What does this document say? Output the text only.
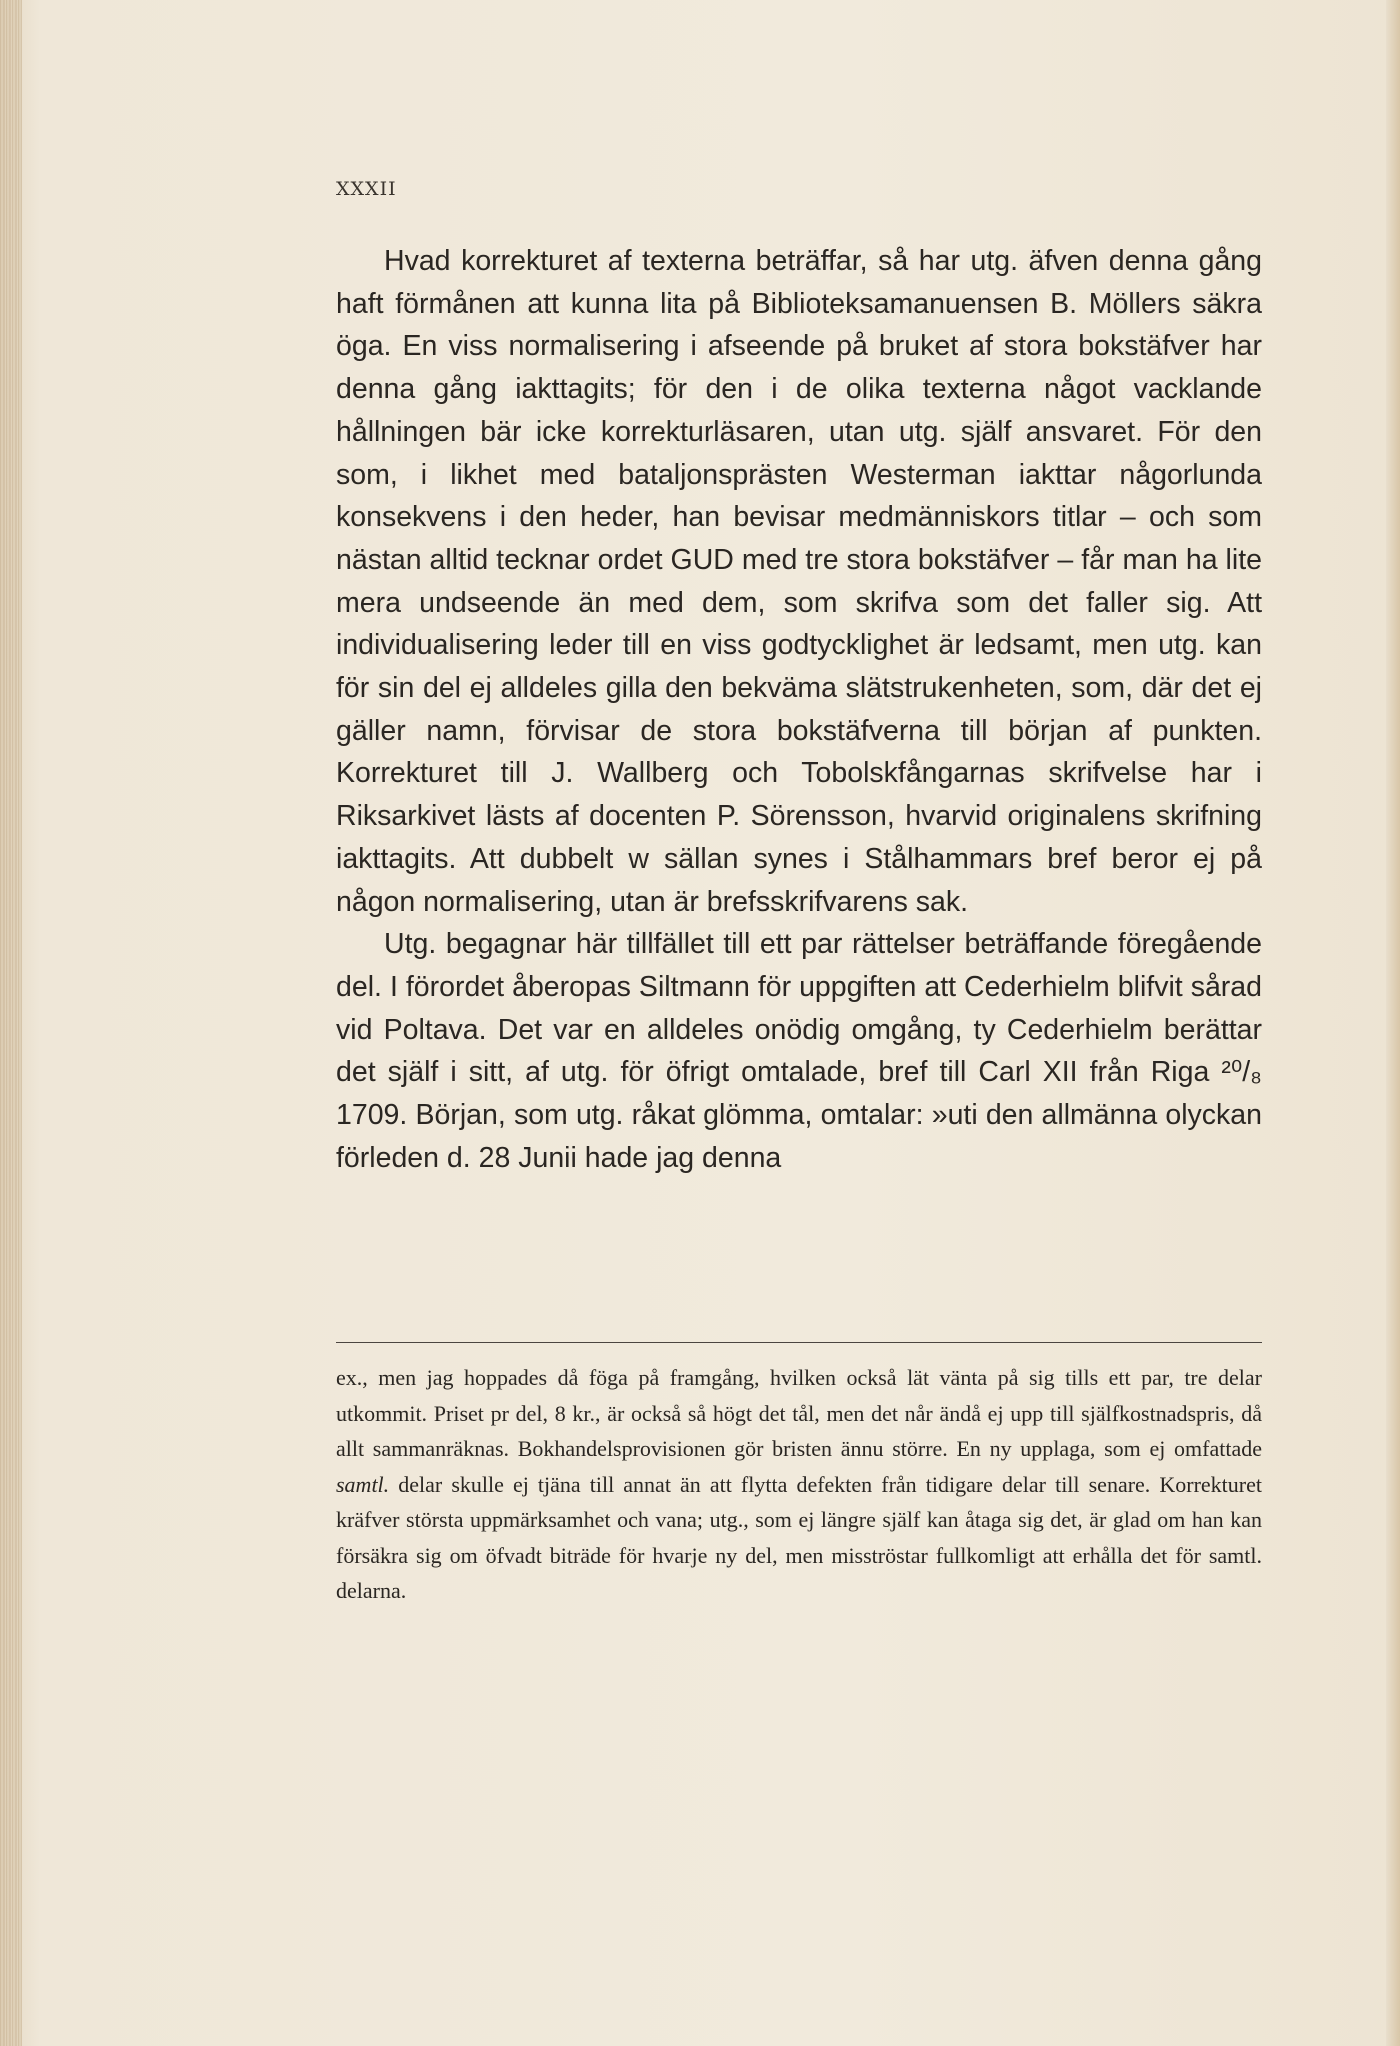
XXXII

Hvad korrekturet af texterna beträffar, så har utg. äfven denna gång haft förmånen att kunna lita på Biblioteksamanuensen B. Möllers säkra öga. En viss normalisering i afseende på bruket af stora bokstäfver har denna gång iakttagits; för den i de olika texterna något vacklande hållningen bär icke korrekturläsaren, utan utg. själf ansvaret. För den som, i likhet med bataljonsprästen Westerman iakttar någorlunda konsekvens i den heder, han bevisar medmänniskors titlar – och som nästan alltid tecknar ordet GUD med tre stora bokstäfver – får man ha lite mera undseende än med dem, som skrifva som det faller sig. Att individualisering leder till en viss godtycklighet är ledsamt, men utg. kan för sin del ej alldeles gilla den bekväma slätstrukenheten, som, där det ej gäller namn, förvisar de stora bokstäfverna till början af punkten. Korrekturet till J. Wallberg och Tobolskfångarnas skrifvelse har i Riksarkivet lästs af docenten P. Sörensson, hvarvid originalens skrifning iakttagits. Att dubbelt w sällan synes i Stålhammars bref beror ej på någon normalisering, utan är brefsskrifvarens sak.

Utg. begagnar här tillfället till ett par rättelser beträffande föregående del. I förordet åberopas Siltmann för uppgiften att Cederhielm blifvit sårad vid Poltava. Det var en alldeles onödig omgång, ty Cederhielm berättar det själf i sitt, af utg. för öfrigt omtalade, bref till Carl XII från Riga ²⁰/₈ 1709. Början, som utg. råkat glömma, omtalar: »uti den allmänna olyckan förleden d. 28 Junii hade jag denna

ex., men jag hoppades då föga på framgång, hvilken också lät vänta på sig tills ett par, tre delar utkommit. Priset pr del, 8 kr., är också så högt det tål, men det når ändå ej upp till själfkostnadspris, då allt sammanräknas. Bokhandelsprovisionen gör bristen ännu större. En ny upplaga, som ej omfattade samtl. delar skulle ej tjäna till annat än att flytta defekten från tidigare delar till senare. Korrekturet kräfver största uppmärksamhet och vana; utg., som ej längre själf kan åtaga sig det, är glad om han kan försäkra sig om öfvadt biträde för hvarje ny del, men misströstar fullkomligt att erhålla det för samtl. delarna.
